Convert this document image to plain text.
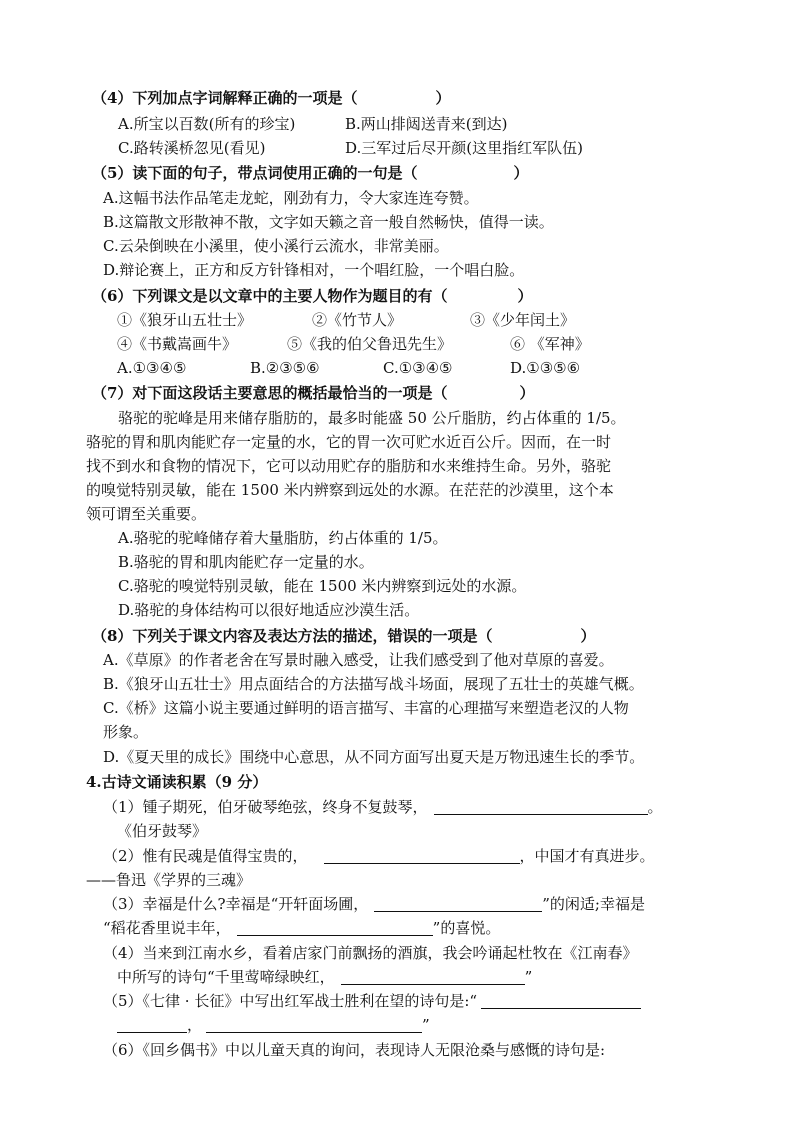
（4）下列加点字词解释正确的一项是（	）
A.所宝以百数(所有的珍宝)	B.两山排闼送青来(到达)
C.路转溪桥忽见(看见)	D.三军过后尽开颜(这里指红军队伍)
（5）读下面的句子，带点词使用正确的一句是（	）
A.这幅书法作品笔走龙蛇，刚劲有力，令大家连连夸赞。
B.这篇散文形散神不散，文字如天籁之音一般自然畅快，值得一读。
C.云朵倒映在小溪里，使小溪行云流水，非常美丽。
D.辩论赛上，正方和反方针锋相对，一个唱红脸，一个唱白脸。
（6）下列课文是以文章中的主要人物作为题目的有（	）
①《狼牙山五壮士》	②《竹节人》	③《少年闰土》
④《书戴嵩画牛》	⑤《我的伯父鲁迅先生》	⑥ 《军神》
A.①③④⑤	B.②③⑤⑥	C.①③④⑤	D.①③⑤⑥
（7）对下面这段话主要意思的概括最恰当的一项是（	）
骆驼的驼峰是用来储存脂肪的，最多时能盛 50 公斤脂肪，约占体重的 1/5。
骆驼的胃和肌肉能贮存一定量的水，它的胃一次可贮水近百公斤。因而，在一时
找不到水和食物的情况下，它可以动用贮存的脂肪和水来维持生命。另外，骆驼
的嗅觉特别灵敏，能在 1500 米内辨察到远处的水源。在茫茫的沙漠里，这个本
领可谓至关重要。
A.骆驼的驼峰储存着大量脂肪，约占体重的 1/5。
B.骆驼的胃和肌肉能贮存一定量的水。
C.骆驼的嗅觉特别灵敏，能在 1500 米内辨察到远处的水源。
D.骆驼的身体结构可以很好地适应沙漠生活。
（8）下列关于课文内容及表达方法的描述，错误的一项是（	）
A.《草原》的作者老舍在写景时融入感受，让我们感受到了他对草原的喜爱。
B.《狼牙山五壮士》用点面结合的方法描写战斗场面，展现了五壮士的英雄气概。
C.《桥》这篇小说主要通过鲜明的语言描写、丰富的心理描写来塑造老汉的人物
形象。
D.《夏天里的成长》围绕中心意思，从不同方面写出夏天是万物迅速生长的季节。
4.古诗文诵读积累（9 分）
（1）锺子期死，伯牙破琴绝弦，终身不复鼓琴，	。
《伯牙鼓琴》
（2）惟有民魂是值得宝贵的，	，中国才有真进步。
——鲁迅《学界的三魂》
（3）幸福是什么?幸福是“开轩面场圃，	”的闲适;幸福是
“稻花香里说丰年，	”的喜悦。
（4）当来到江南水乡，看着店家门前飘扬的酒旗，我会吟诵起杜牧在《江南春》
中所写的诗句“千里莺啼绿映红，	”
（5）《七律 · 长征》中写出红军战士胜利在望的诗句是:“
，	”
（6）《回乡偶书》中以儿童天真的询问，表现诗人无限沧桑与感慨的诗句是:
